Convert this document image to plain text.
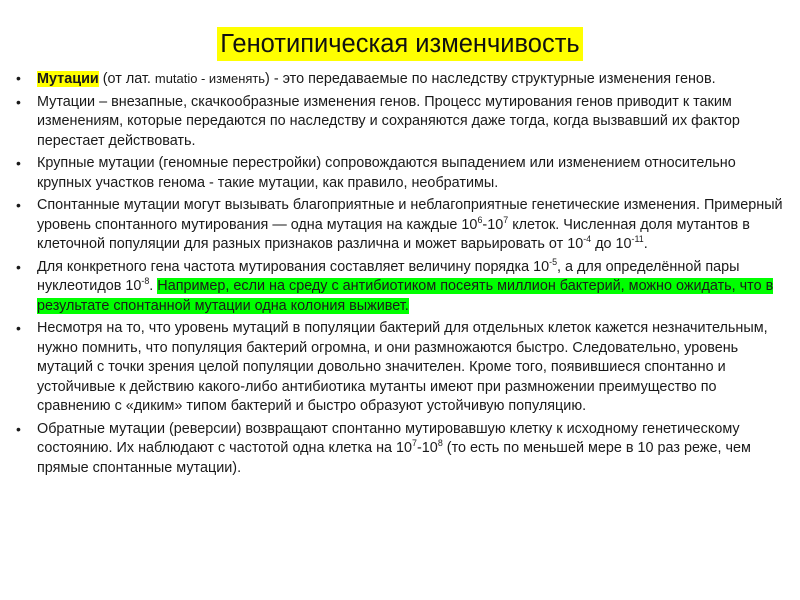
Генотипическая изменчивость
• Мутации (от лат. mutatio - изменять) - это передаваемые по наследству структурные изменения генов.
• Мутации – внезапные, скачкообразные изменения генов. Процесс мутирования генов приводит к таким изменениям, которые передаются по наследству и сохраняются даже тогда, когда вызвавший их фактор перестает действовать.
• Крупные мутации (геномные перестройки) сопровождаются выпадением или изменением относительно крупных участков генома - такие мутации, как правило, необратимы.
• Спонтанные мутации могут вызывать благоприятные и неблагоприятные генетические изменения. Примерный уровень спонтанного мутирования — одна мутация на каждые $10^6-10^7$ клеток. Численная доля мутантов в клеточной популяции для разных признаков различна и может варьировать от $10^{-4}$ до $10^{-11}$.
• Для конкретного гена частота мутирования составляет величину порядка $10^{-5}$, а для определённой пары нуклеотидов $10^{-8}$. Например, если на среду с антибиотиком посеять миллион бактерий, можно ожидать, что в результате спонтанной мутации одна колония выживет.
• Несмотря на то, что уровень мутаций в популяции бактерий для отдельных клеток кажется незначительным, нужно помнить, что популяция бактерий огромна, и они размножаются быстро. Следовательно, уровень мутаций с точки зрения целой популяции довольно значителен. Кроме того, появившиеся спонтанно и устойчивые к действию какого-либо антибиотика мутанты имеют при размножении преимущество по сравнению с «диким» типом бактерий и быстро образуют устойчивую популяцию.
• Обратные мутации (реверсии) возвращают спонтанно мутировавшую клетку к исходному генетическому состоянию. Их наблюдают с частотой одна клетка на $10^7-10^8$ (то есть по меньшей мере в 10 раз реже, чем прямые спонтанные мутации).
